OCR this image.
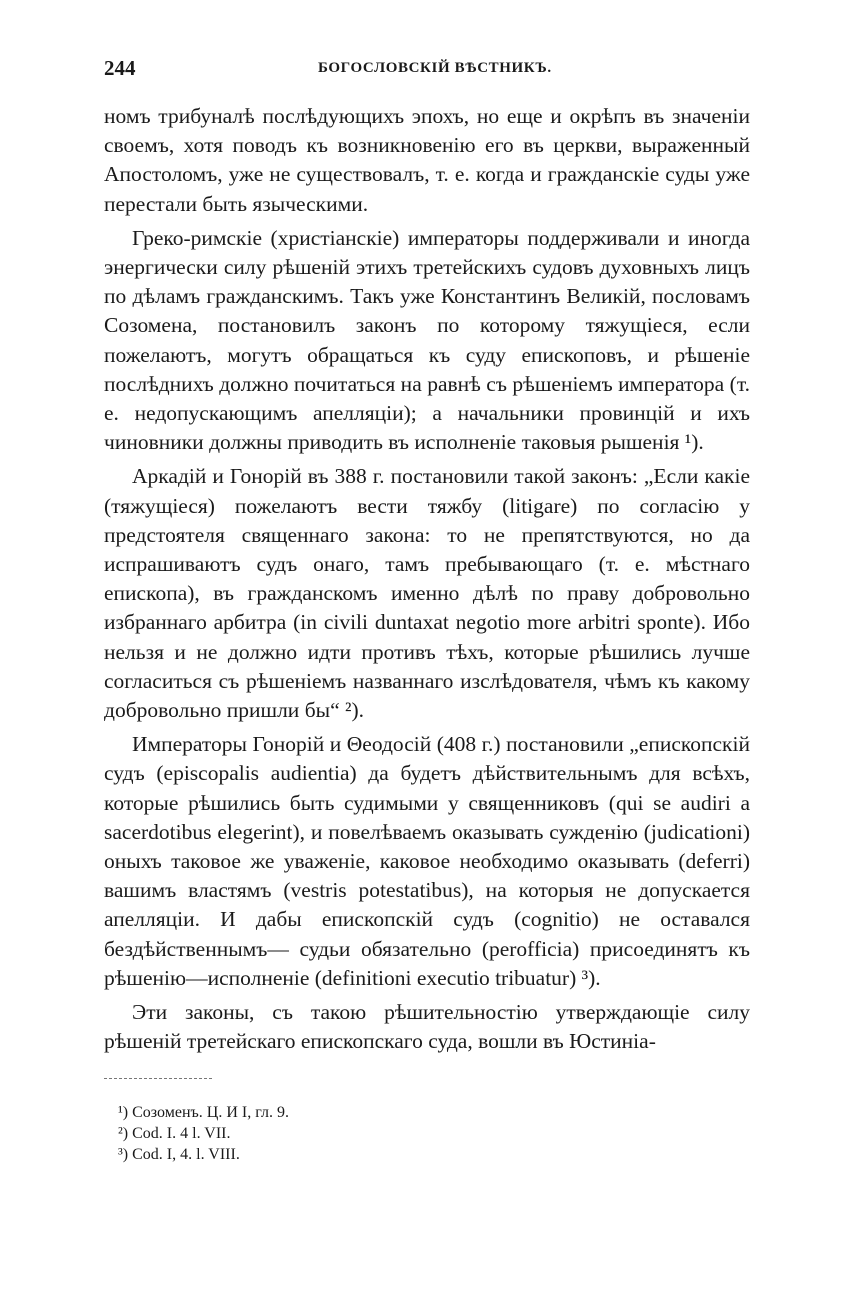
244	БОГОСЛОВСКІЙ ВѢСТНИКЪ.

номъ трибуналѣ послѣдующихъ эпохъ, но еще и окрѣпъ въ значеніи своемъ, хотя поводъ къ возникновенію его въ церкви, выраженный Апостоломъ, уже не существовалъ, т. е. когда и гражданскіе суды уже перестали быть языческими.

Греко-римскіе (христіанскіе) императоры поддерживали и иногда энергически силу рѣшеній этихъ третейскихъ судовъ духовныхъ лицъ по дѣламъ гражданскимъ. Такъ уже Константинъ Великій, пословамъ Созомена, постановилъ законъ по которому тяжущіеся, если пожелаютъ, могутъ обращаться къ суду епископовъ, и рѣшеніе послѣднихъ должно почитаться на равнѣ съ рѣшеніемъ императора (т. е. недопускающимъ апелляціи); а начальники провинцій и ихъ чиновники должны приводить въ исполненіе таковыя рышенія ¹).

Аркадій и Гонорій въ 388 г. постановили такой законъ: „Если какіе (тяжущіеся) пожелаютъ вести тяжбу (litigare) по согласію у предстоятеля священнаго закона: то не препятствуются, но да испрашиваютъ судъ онаго, тамъ пребывающаго (т. е. мѣстнаго епископа), въ гражданскомъ именно дѣлѣ по праву добровольно избраннаго арбитра (in civili duntaxat negotio more arbitri sponte). Ибо нельзя и не должно идти противъ тѣхъ, которые рѣшились лучше согласиться съ рѣшеніемъ названнаго изслѣдователя, чѣмъ къ какому добровольно пришли бы“ ²).

Императоры Гонорій и Θеодосій (408 г.) постановили „епископскій судъ (episcopalis audientia) да будетъ дѣйствительнымъ для всѣхъ, которые рѣшились быть судимыми у священниковъ (qui se audiri a sacerdotibus elegerint), и повелѣваемъ оказывать сужденію (judicationi) оныхъ таковое же уваженіе, каковое необходимо оказывать (deferri) вашимъ властямъ (vestris potestatibus), на которыя не допускается апелляціи. И дабы епископскій судъ (cognitio) не оставался бездѣйственнымъ— судьи обязательно (perofficia) присоединятъ къ рѣшенію—исполненіе (definitioni executio tribuatur) ³).

Эти законы, съ такою рѣшительностію утверждающіе силу рѣшеній третейскаго епископскаго суда, вошли въ Юстиніа-

¹) Созоменъ. Ц. И I, гл. 9.
²) Cod. I. 4 l. VII.
³) Cod. I, 4. l. VIII.
